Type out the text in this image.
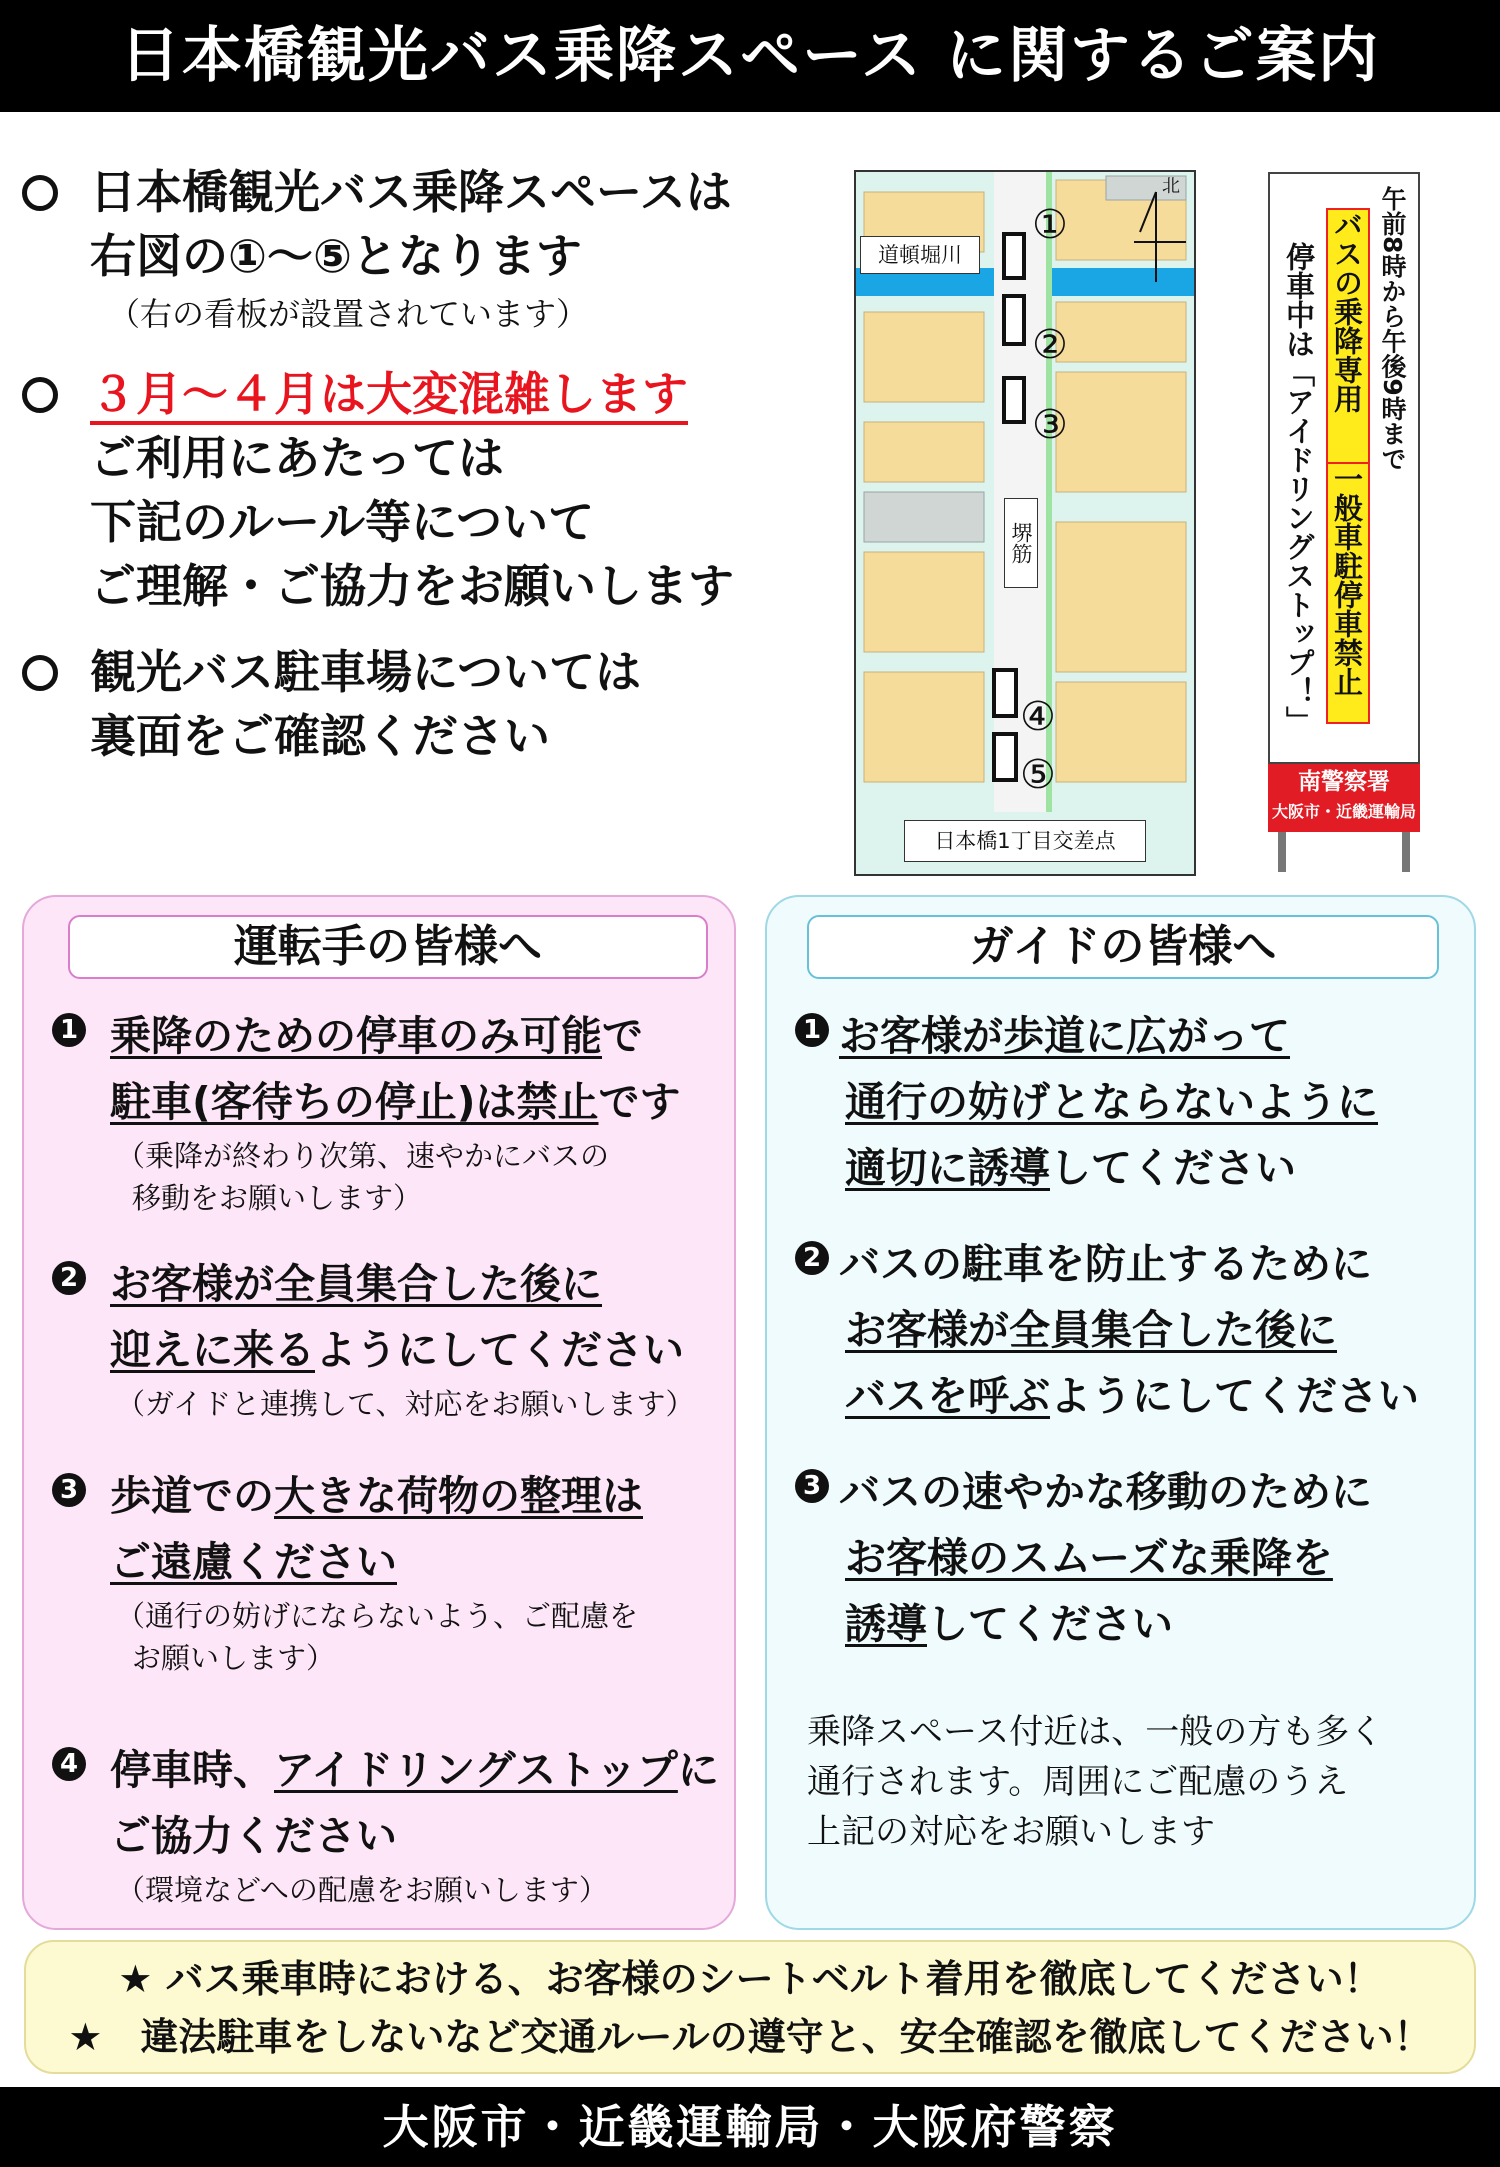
日本橋観光バス乗降スペース に関するご案内
日本橋観光バス乗降スペースは
右図の①～⑤となります
（右の看板が設置されています）
３月～４月は大変混雑します
ご利用にあたっては
下記のルール等について
ご理解・ご協力をお願いします
観光バス駐車場については
裏面をご確認ください
道頓堀川
堺筋
北
①
②
③
④
⑤
日本橋1丁目交差点
午前8時から午後9時まで
バスの乗降専用
一般車駐停車禁止
停車中は「アイドリングストップ！」
南警察署
大阪市・近畿運輸局
運転手の皆様へ
1 乗降のための停車のみ可能で
駐車(客待ちの停止)は禁止です
（乗降が終わり次第、速やかにバスの
移動をお願いします）
2 お客様が全員集合した後に
迎えに来るようにしてください
（ガイドと連携して、対応をお願いします）
3 歩道での大きな荷物の整理は
ご遠慮ください
（通行の妨げにならないよう、ご配慮を
お願いします）
4 停車時、アイドリングストップに
ご協力ください
（環境などへの配慮をお願いします）
ガイドの皆様へ
1 お客様が歩道に広がって
通行の妨げとならないように
適切に誘導してください
2 バスの駐車を防止するために
お客様が全員集合した後に
バスを呼ぶようにしてください
3 バスの速やかな移動のために
お客様のスムーズな乗降を
誘導してください
乗降スペース付近は、一般の方も多く
通行されます。周囲にご配慮のうえ
上記の対応をお願いします
★ バス乗車時における、お客様のシートベルト着用を徹底してください！
★　違法駐車をしないなど交通ルールの遵守と、安全確認を徹底してください！
大阪市・近畿運輸局・大阪府警察
